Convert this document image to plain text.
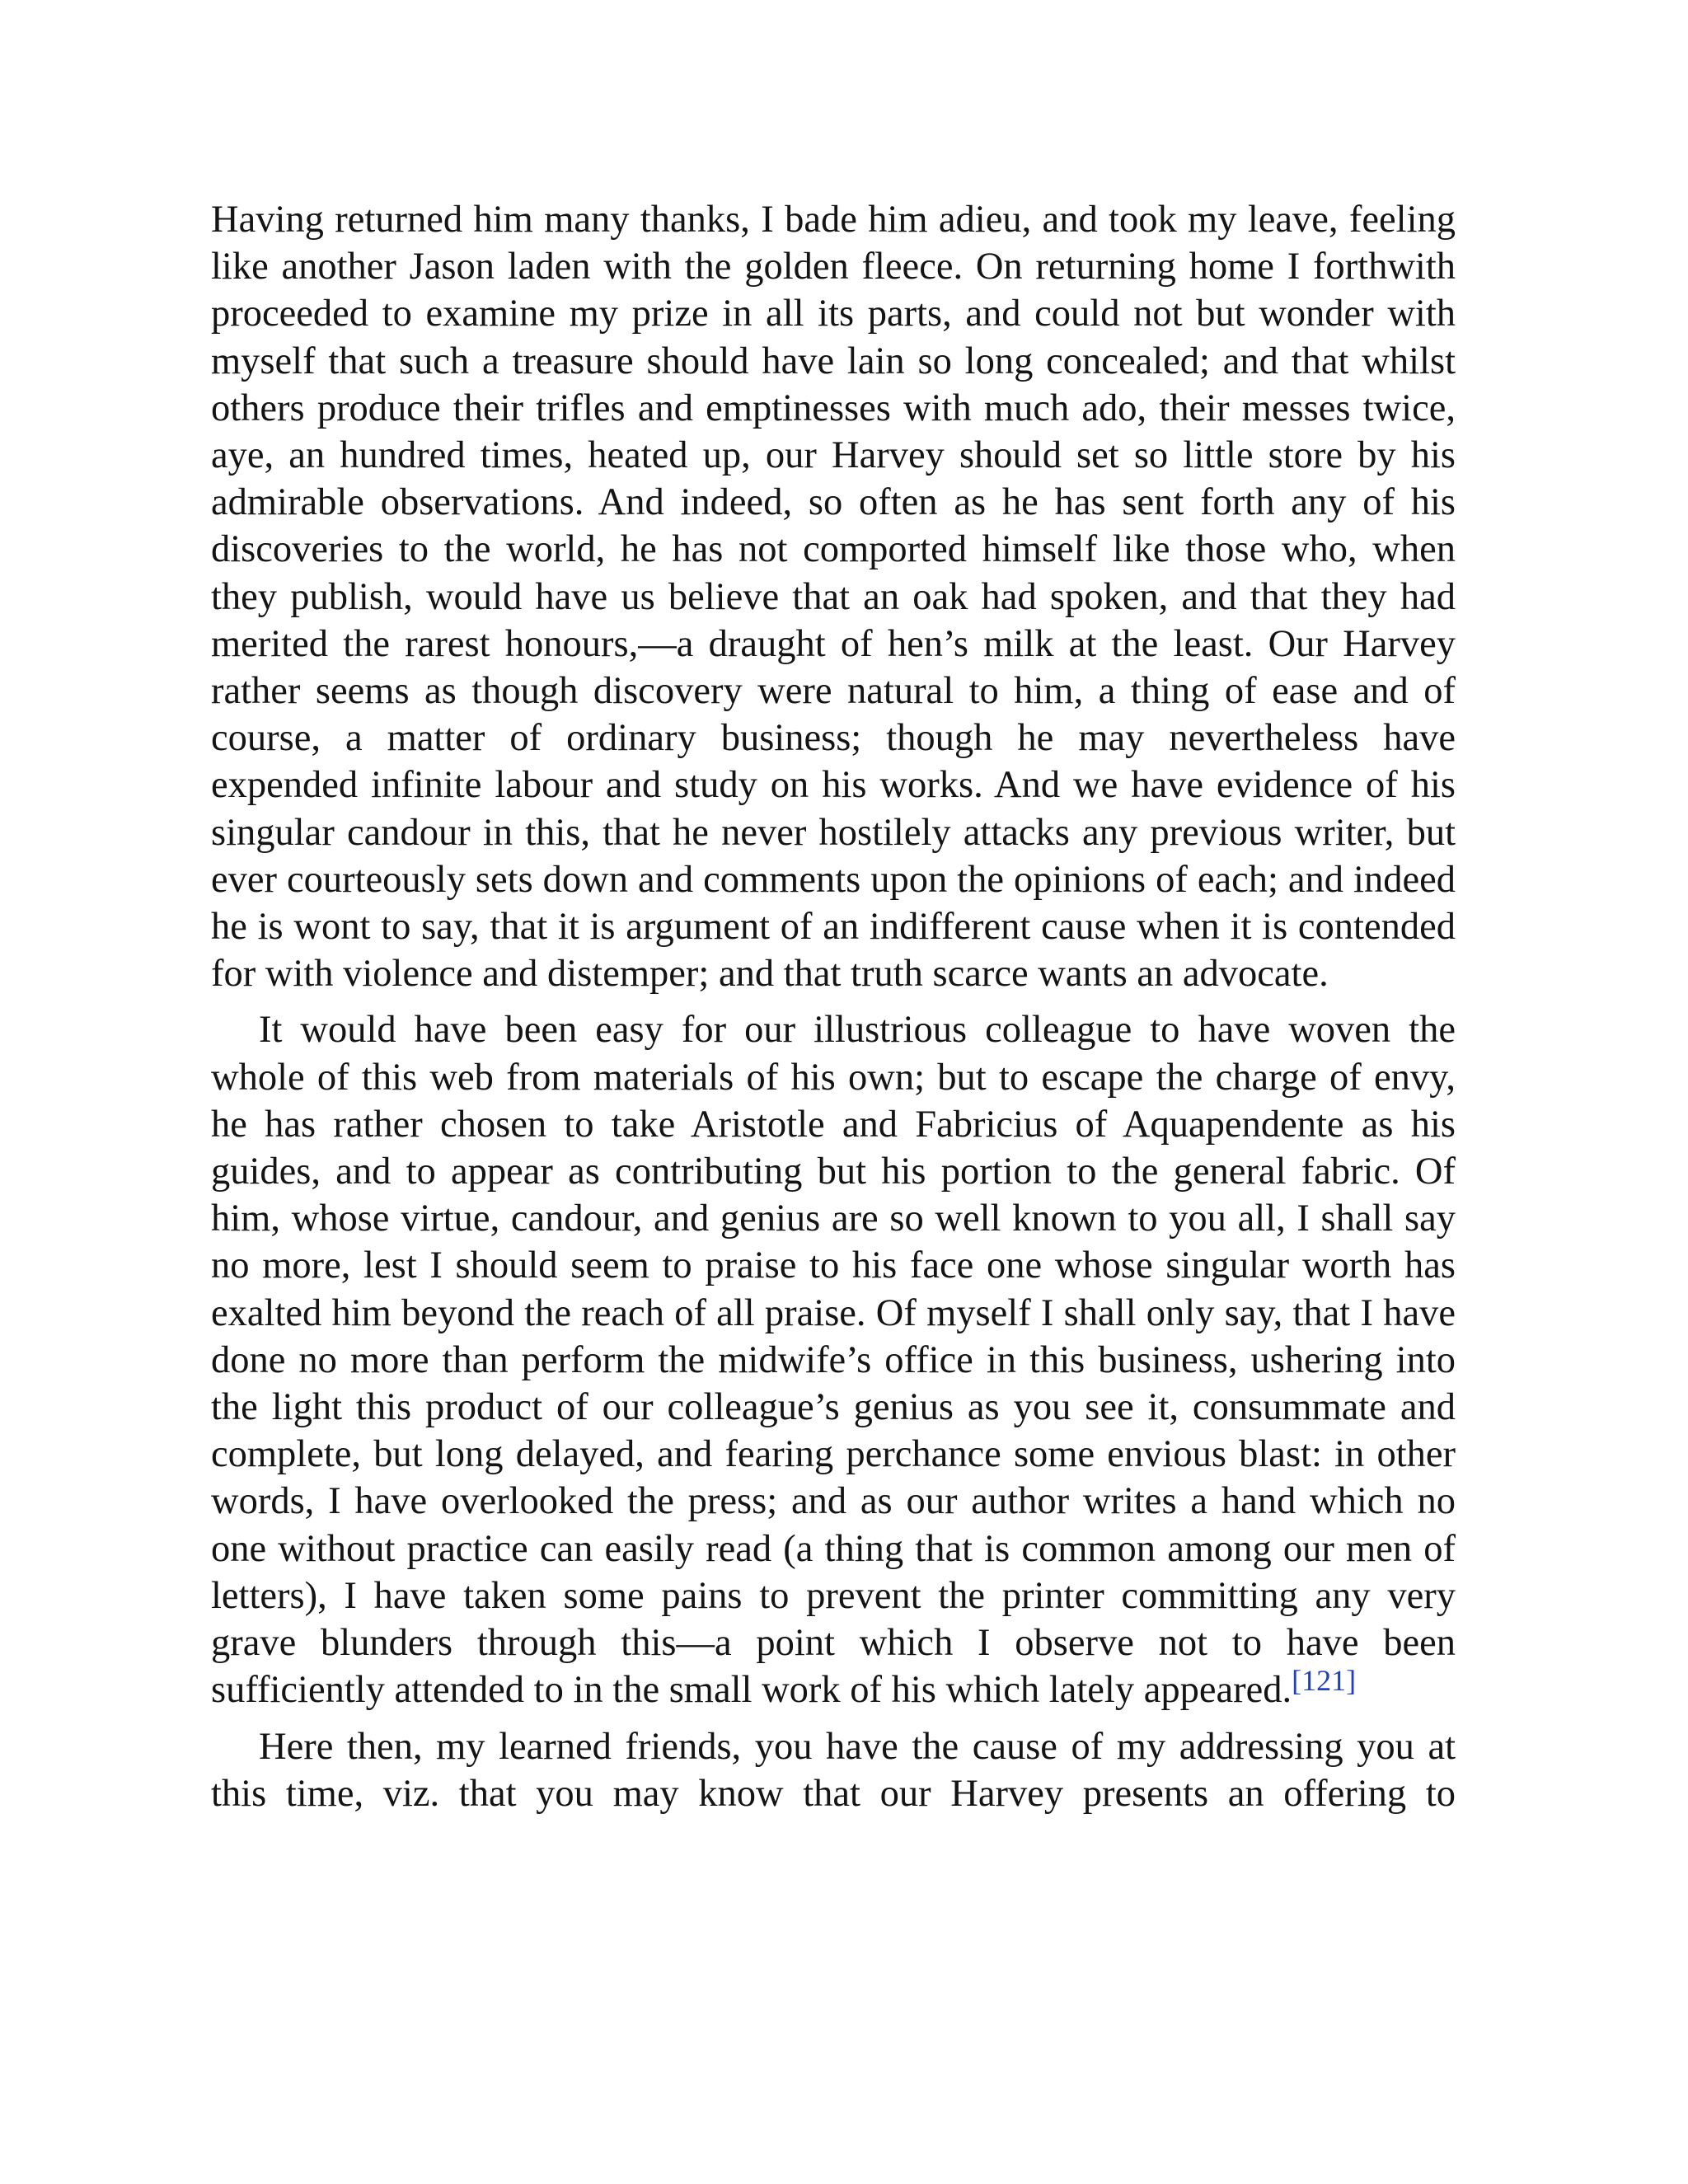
Having returned him many thanks, I bade him adieu, and took my leave, feeling like another Jason laden with the golden fleece. On returning home I forthwith proceeded to examine my prize in all its parts, and could not but wonder with myself that such a treasure should have lain so long concealed; and that whilst others produce their trifles and emptinesses with much ado, their messes twice, aye, an hundred times, heated up, our Harvey should set so little store by his admirable observations. And indeed, so often as he has sent forth any of his discoveries to the world, he has not comported himself like those who, when they publish, would have us believe that an oak had spoken, and that they had merited the rarest honours,—a draught of hen’s milk at the least. Our Harvey rather seems as though discovery were natural to him, a thing of ease and of course, a matter of ordinary business; though he may nevertheless have expended infinite labour and study on his works. And we have evidence of his singular candour in this, that he never hostilely attacks any previous writer, but ever courteously sets down and comments upon the opinions of each; and indeed he is wont to say, that it is argument of an indifferent cause when it is contended for with violence and distemper; and that truth scarce wants an advocate.

It would have been easy for our illustrious colleague to have woven the whole of this web from materials of his own; but to escape the charge of envy, he has rather chosen to take Aristotle and Fabricius of Aquapendente as his guides, and to appear as contributing but his portion to the general fabric. Of him, whose virtue, candour, and genius are so well known to you all, I shall say no more, lest I should seem to praise to his face one whose singular worth has exalted him beyond the reach of all praise. Of myself I shall only say, that I have done no more than perform the midwife’s office in this business, ushering into the light this product of our colleague’s genius as you see it, consummate and complete, but long delayed, and fearing perchance some envious blast: in other words, I have overlooked the press; and as our author writes a hand which no one without practice can easily read (a thing that is common among our men of letters), I have taken some pains to prevent the printer committing any very grave blunders through this—a point which I observe not to have been sufficiently attended to in the small work of his which lately appeared.[121]

Here then, my learned friends, you have the cause of my addressing you at this time, viz. that you may know that our Harvey presents an offering to
